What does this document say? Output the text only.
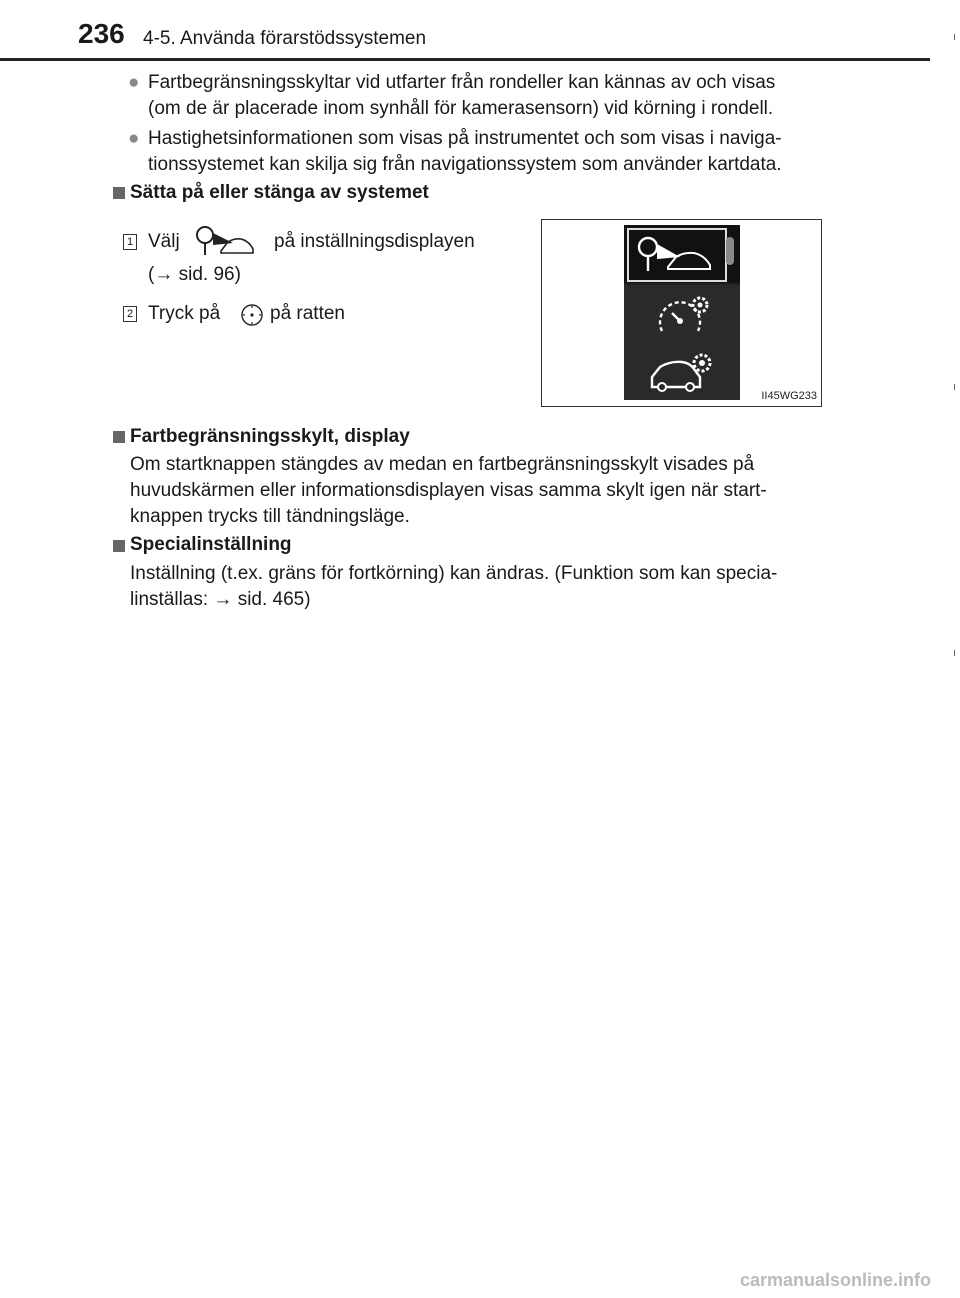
236 4-5. Använda förarstödssystemen
● Fartbegränsningsskyltar vid utfarter från rondeller kan kännas av och visas
(om de är placerade inom synhåll för kamerasensorn) vid körning i rondell.
● Hastighetsinformationen som visas på instrumentet och som visas i naviga-
tionssystemet kan skilja sig från navigationssystem som använder kartdata.
Sätta på eller stänga av systemet
1 Välj	på inställningsdisplayen
(→ sid. 96)
2 Tryck på	på ratten
II45WG233
Fartbegränsningsskylt, display
Om startknappen stängdes av medan en fartbegränsningsskylt visades på
huvudskärmen eller informationsdisplayen visas samma skylt igen när start-
knappen trycks till tändningsläge.
Specialinställning
Inställning (t.ex. gräns för fortkörning) kan ändras. (Funktion som kan specia-
linställas: → sid. 465)
carmanualsonline.info
